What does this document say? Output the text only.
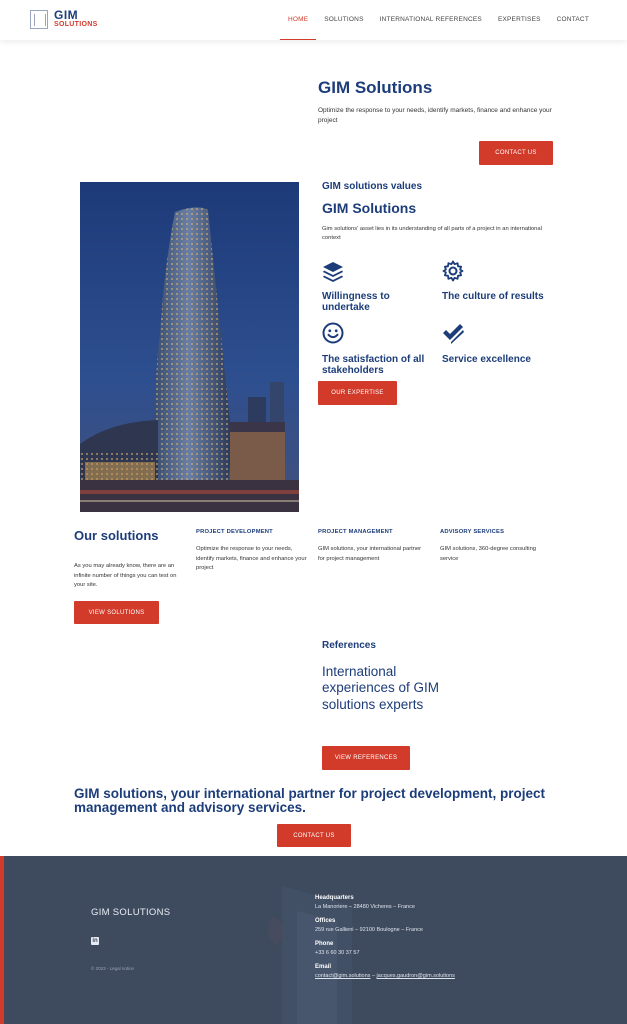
GIM
SOLUTIONS
HOME	SOLUTIONS	INTERNATIONAL REFERENCES	EXPERTISES	CONTACT
GIM Solutions
Optimize the response to your needs, identify markets, finance and enhance your project
CONTACT US
GIM solutions values
GIM Solutions
Gim solutions' asset lies in its understanding of all parts of a project in an international context
Willingness to undertake
The culture of results
The satisfaction of all stakeholders
Service excellence
OUR EXPERTISE
Our solutions
As you may already know, there are an infinite number of things you can test on your site.
VIEW SOLUTIONS
PROJECT DEVELOPMENT
Optimize the response to your needs, identify markets, finance and enhance your project
PROJECT MANAGEMENT
GIM solutions, your international partner for project management
ADVISORY SERVICES
GIM solutions, 360-degree consulting service
References
International experiences of GIM solutions experts
VIEW REFERENCES
GIM solutions, your international partner for project development, project management and advisory services.
CONTACT US
GIM SOLUTIONS
in
© 2023 - Legal notice
Headquarters
La Manoriere – 28480 Vicheres – France
Offices
259 rue Gallieni – 92100 Boulogne – France
Phone
+33 6 60 30 37 57
Email
contact@gim.solutions – jacques.gaudron@gim.solutions
